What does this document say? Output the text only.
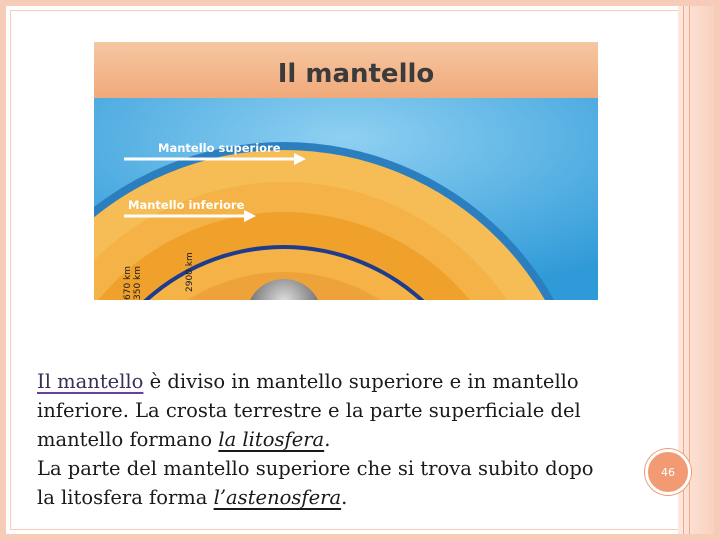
Il mantello
Mantello superiore
Mantello inferiore
670 km 350 km	2900 km
Il mantello è diviso in mantello superiore e in mantello inferiore. La crosta terrestre e la parte superficiale del mantello formano la litosfera.
La parte del mantello superiore che si trova subito dopo la litosfera forma l’astenosfera.
46
